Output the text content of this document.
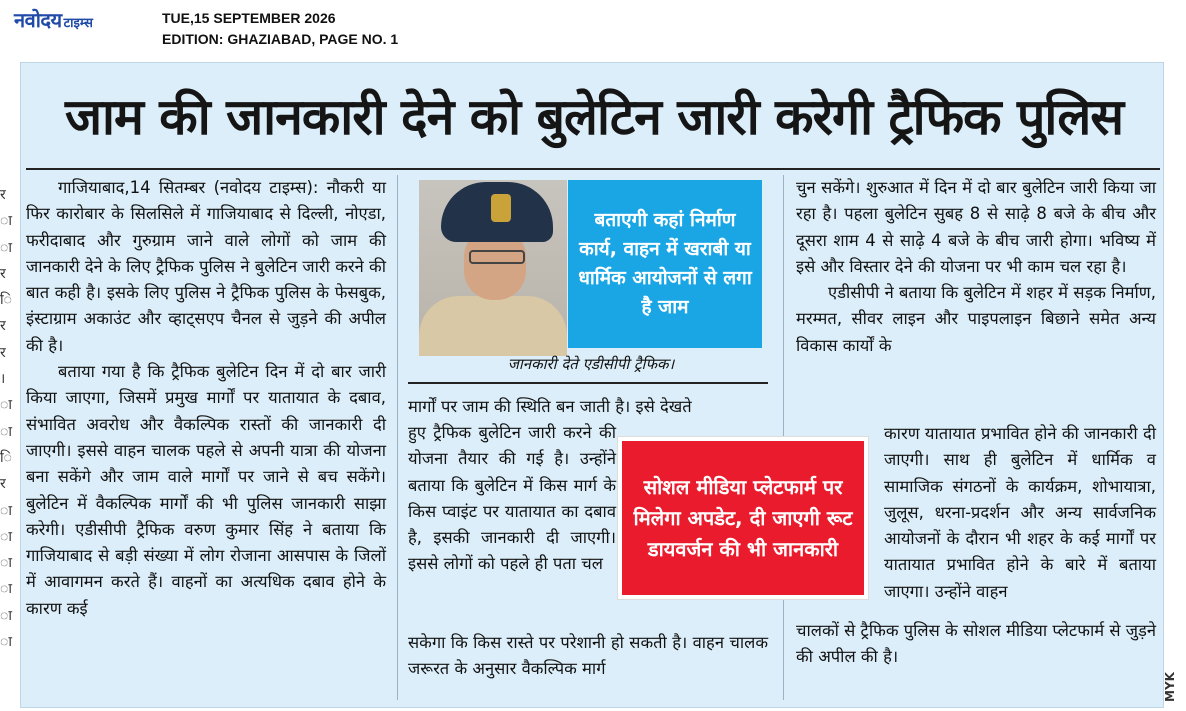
नवोदय टाइम्स	TUE,15 SEPTEMBER 2026
EDITION: GHAZIABAD, PAGE NO. 1
र
ा
ा
र
ि
र
र
।
ा
ा
ि
र
ा
ा
ा
ा
ा
ा
जाम की जानकारी देने को बुलेटिन जारी करेगी ट्रैफिक पुलिस

गाजियाबाद,14 सितम्बर (नवोदय टाइम्स): नौकरी या फिर कारोबार के सिलसिले में गाजियाबाद से दिल्ली, नोएडा, फरीदाबाद और गुरुग्राम जाने वाले लोगों को जाम की जानकारी देने के लिए ट्रैफिक पुलिस ने बुलेटिन जारी करने की बात कही है। इसके लिए पुलिस ने ट्रैफिक पुलिस के फेसबुक, इंस्टाग्राम अकाउंट और व्हाट्सएप चैनल से जुड़ने की अपील की है।

बताया गया है कि ट्रैफिक बुलेटिन दिन में दो बार जारी किया जाएगा, जिसमें प्रमुख मार्गों पर यातायात के दबाव, संभावित अवरोध और वैकल्पिक रास्तों की जानकारी दी जाएगी। इससे वाहन चालक पहले से अपनी यात्रा की योजना बना सकेंगे और जाम वाले मार्गों पर जाने से बच सकेंगे। बुलेटिन में वैकल्पिक मार्गों की भी पुलिस जानकारी साझा करेगी। एडीसीपी ट्रैफिक वरुण कुमार सिंह ने बताया कि गाजियाबाद से बड़ी संख्या में लोग रोजाना आसपास के जिलों में आवागमन करते हैं। वाहनों का अत्यधिक दबाव होने के कारण कई

बताएगी कहां निर्माण कार्य, वाहन में खराबी या धार्मिक आयोजनों से लगा है जाम
जानकारी देते एडीसीपी ट्रैफिक।
मार्गों पर जाम की स्थिति बन जाती है। इसे देखते
हुए ट्रैफिक बुलेटिन जारी करने की योजना तैयार की गई है। उन्होंने बताया कि बुलेटिन में किस मार्ग के किस प्वाइंट पर यातायात का दबाव है, इसकी जानकारी दी जाएगी। इससे लोगों को पहले ही पता चल
सकेगा कि किस रास्ते पर परेशानी हो सकती है। वाहन चालक जरूरत के अनुसार वैकल्पिक मार्ग
सोशल मीडिया प्लेटफार्म पर मिलेगा अपडेट, दी जाएगी रूट डायवर्जन की भी जानकारी

चुन सकेंगे। शुरुआत में दिन में दो बार बुलेटिन जारी किया जा रहा है। पहला बुलेटिन सुबह 8 से साढ़े 8 बजे के बीच और दूसरा शाम 4 से साढ़े 4 बजे के बीच जारी होगा। भविष्य में इसे और विस्तार देने की योजना पर भी काम चल रहा है।

एडीसीपी ने बताया कि बुलेटिन में शहर में सड़क निर्माण, मरम्मत, सीवर लाइन और पाइपलाइन बिछाने समेत अन्य विकास कार्यों के

कारण यातायात प्रभावित होने की जानकारी दी जाएगी। साथ ही बुलेटिन में धार्मिक व सामाजिक संगठनों के कार्यक्रम, शोभायात्रा, जुलूस, धरना-प्रदर्शन और अन्य सार्वजनिक आयोजनों के दौरान भी शहर के कई मार्गों पर यातायात प्रभावित होने के बारे में बताया जाएगा। उन्होंने वाहन
चालकों से ट्रैफिक पुलिस के सोशल मीडिया प्लेटफार्म से जुड़ने की अपील की है।
MYK
